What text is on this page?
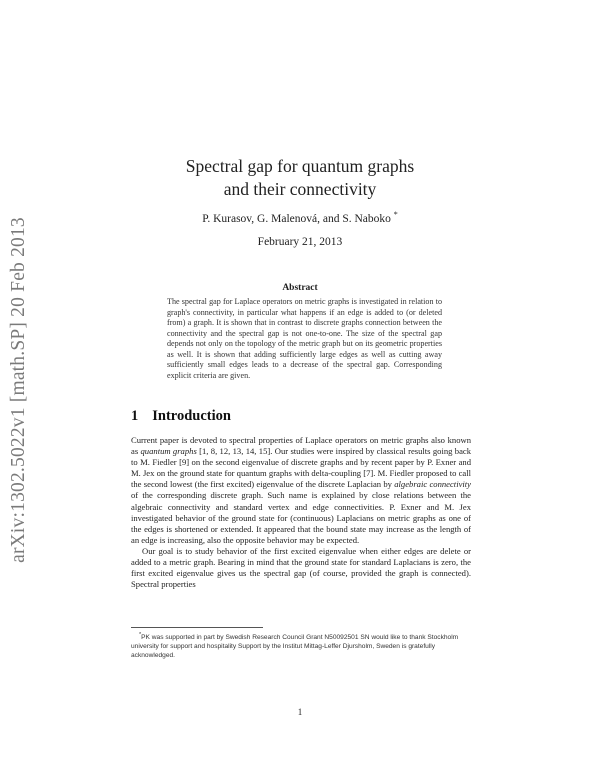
arXiv:1302.5022v1 [math.SP] 20 Feb 2013
Spectral gap for quantum graphs
and their connectivity
P. Kurasov, G. Malenová, and S. Naboko *
February 21, 2013
Abstract

The spectral gap for Laplace operators on metric graphs is investigated in relation to graph's connectivity, in particular what happens if an edge is added to (or deleted from) a graph. It is shown that in contrast to discrete graphs connection between the connectivity and the spectral gap is not one-to-one. The size of the spectral gap depends not only on the topology of the metric graph but on its geometric properties as well. It is shown that adding sufficiently large edges as well as cutting away sufficiently small edges leads to a decrease of the spectral gap. Corresponding explicit criteria are given.

1 Introduction

Current paper is devoted to spectral properties of Laplace operators on metric graphs also known as quantum graphs [1, 8, 12, 13, 14, 15]. Our studies were inspired by classical results going back to M. Fiedler [9] on the second eigenvalue of discrete graphs and by recent paper by P. Exner and M. Jex on the ground state for quantum graphs with delta-coupling [7]. M. Fiedler proposed to call the second lowest (the first excited) eigenvalue of the discrete Laplacian by algebraic connectivity of the corresponding discrete graph. Such name is explained by close relations between the algebraic connectivity and standard vertex and edge connectivities. P. Exner and M. Jex investigated behavior of the ground state for (continuous) Laplacians on metric graphs as one of the edges is shortened or extended. It appeared that the bound state may increase as the length of an edge is increasing, also the opposite behavior may be expected.

Our goal is to study behavior of the first excited eigenvalue when either edges are delete or added to a metric graph. Bearing in mind that the ground state for standard Laplacians is zero, the first excited eigenvalue gives us the spectral gap (of course, provided the graph is connected). Spectral properties

*PK was supported in part by Swedish Research Council Grant N50092501 SN would like to thank Stockholm university for support and hospitality Support by the Institut Mittag-Leffer Djursholm, Sweden is gratefully acknowledged.

1
